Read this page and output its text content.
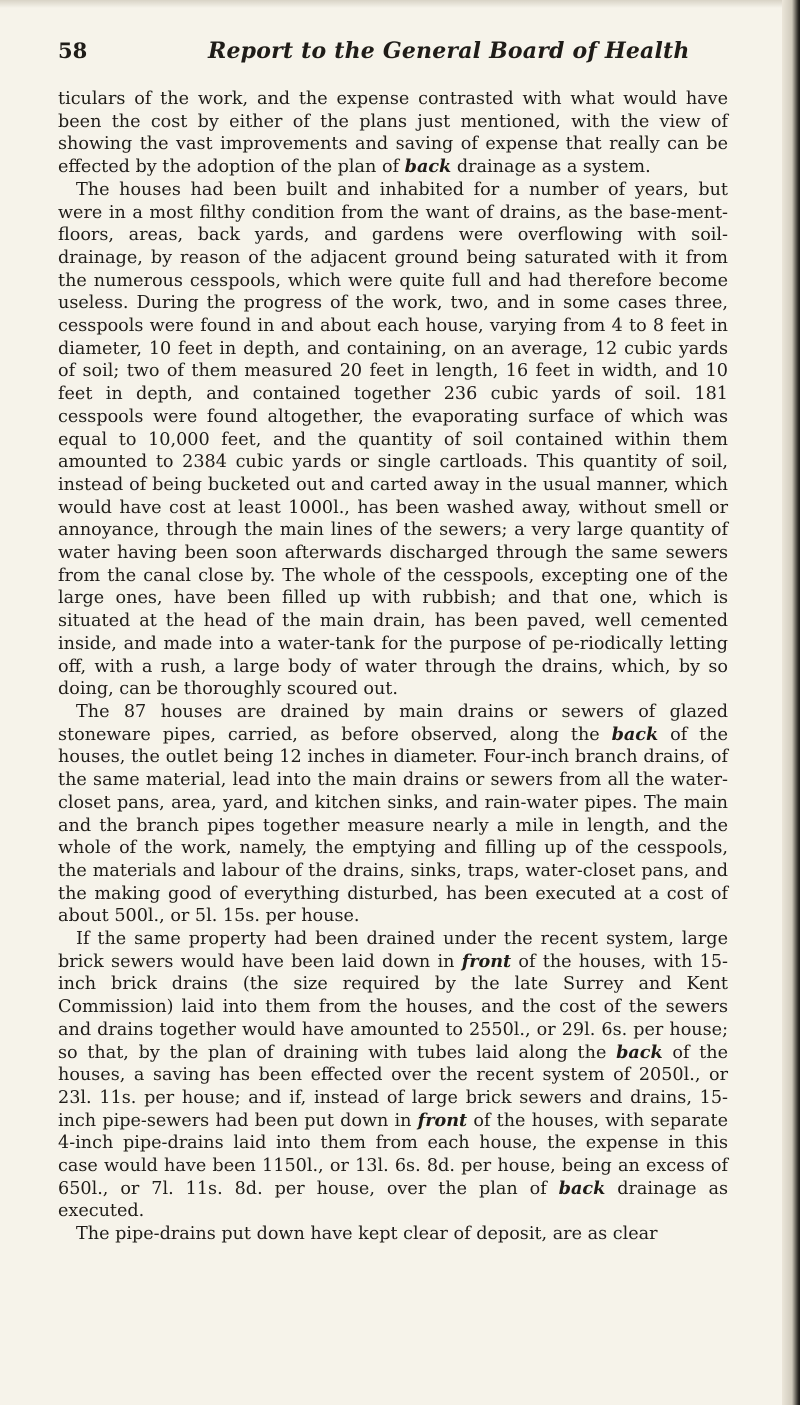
58	Report to the General Board of Health

ticulars of the work, and the expense contrasted with what would have been the cost by either of the plans just mentioned, with the view of showing the vast improvements and saving of expense that really can be effected by the adoption of the plan of back drainage as a system.

The houses had been built and inhabited for a number of years, but were in a most filthy condition from the want of drains, as the base-ment-floors, areas, back yards, and gardens were overflowing with soil-drainage, by reason of the adjacent ground being saturated with it from the numerous cesspools, which were quite full and had therefore become useless. During the progress of the work, two, and in some cases three, cesspools were found in and about each house, varying from 4 to 8 feet in diameter, 10 feet in depth, and containing, on an average, 12 cubic yards of soil; two of them measured 20 feet in length, 16 feet in width, and 10 feet in depth, and contained together 236 cubic yards of soil. 181 cesspools were found altogether, the evaporating surface of which was equal to 10,000 feet, and the quantity of soil contained within them amounted to 2384 cubic yards or single cartloads. This quantity of soil, instead of being bucketed out and carted away in the usual manner, which would have cost at least 1000l., has been washed away, without smell or annoyance, through the main lines of the sewers; a very large quantity of water having been soon afterwards discharged through the same sewers from the canal close by. The whole of the cesspools, excepting one of the large ones, have been filled up with rubbish; and that one, which is situated at the head of the main drain, has been paved, well cemented inside, and made into a water-tank for the purpose of pe-riodically letting off, with a rush, a large body of water through the drains, which, by so doing, can be thoroughly scoured out.

The 87 houses are drained by main drains or sewers of glazed stoneware pipes, carried, as before observed, along the back of the houses, the outlet being 12 inches in diameter. Four-inch branch drains, of the same material, lead into the main drains or sewers from all the water-closet pans, area, yard, and kitchen sinks, and rain-water pipes. The main and the branch pipes together measure nearly a mile in length, and the whole of the work, namely, the emptying and filling up of the cesspools, the materials and labour of the drains, sinks, traps, water-closet pans, and the making good of everything disturbed, has been executed at a cost of about 500l., or 5l. 15s. per house.

If the same property had been drained under the recent system, large brick sewers would have been laid down in front of the houses, with 15-inch brick drains (the size required by the late Surrey and Kent Commission) laid into them from the houses, and the cost of the sewers and drains together would have amounted to 2550l., or 29l. 6s. per house; so that, by the plan of draining with tubes laid along the back of the houses, a saving has been effected over the recent system of 2050l., or 23l. 11s. per house; and if, instead of large brick sewers and drains, 15-inch pipe-sewers had been put down in front of the houses, with separate 4-inch pipe-drains laid into them from each house, the expense in this case would have been 1150l., or 13l. 6s. 8d. per house, being an excess of 650l., or 7l. 11s. 8d. per house, over the plan of back drainage as executed.

The pipe-drains put down have kept clear of deposit, are as clear
